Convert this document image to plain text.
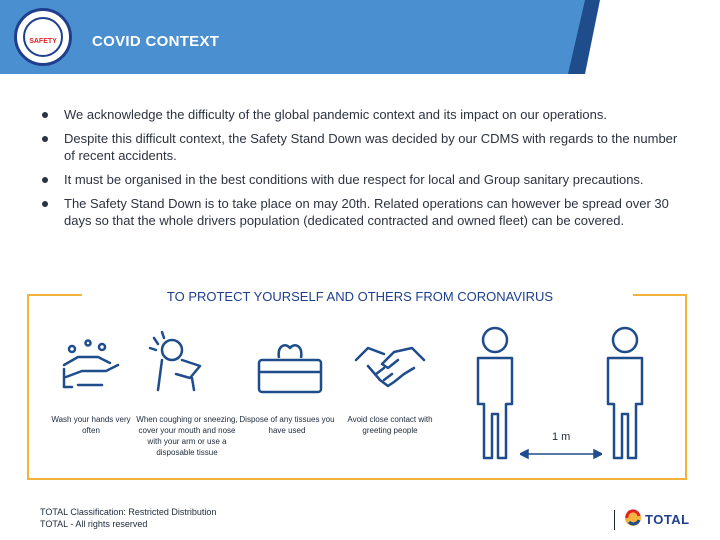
SAFETY	COVID CONTEXT
We acknowledge the difficulty of the global pandemic context and its impact on our operations.
Despite this difficult context, the Safety Stand Down was decided by our CDMS with regards to the number of recent accidents.
It must be organised in the best conditions with due respect for local and Group sanitary precautions.
The Safety Stand Down is to take place on may 20th. Related operations can however be spread over 30 days so that the whole drivers population (dedicated contracted and owned fleet) can be covered.
TO PROTECT YOURSELF AND OTHERS FROM CORONAVIRUS
Wash your hands very often
When coughing or sneezing, cover your mouth and nose with your arm or use a disposable tissue
Dispose of any tissues you have used
Avoid close contact with greeting people
1 m
TOTAL Classification: Restricted Distribution
TOTAL - All rights reserved	TOTAL
